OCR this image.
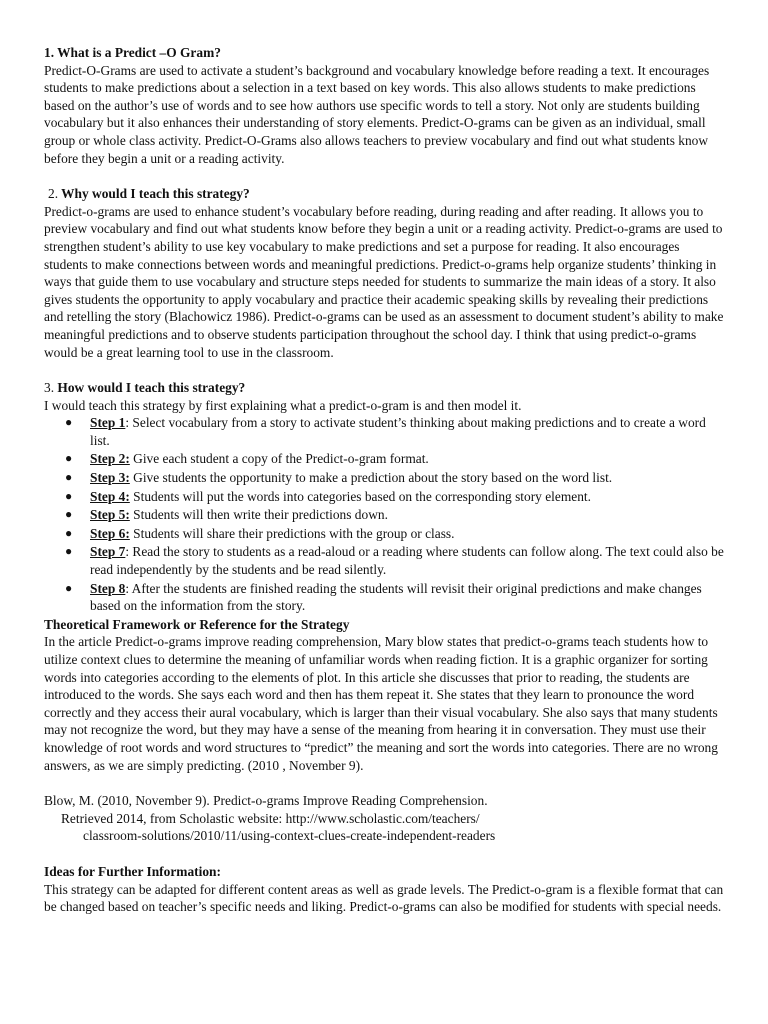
1. What is a Predict –O Gram?

Predict-O-Grams are used to activate a student’s background and vocabulary knowledge before reading a text. It encourages students to make predictions about a selection in a text based on key words. This also allows students to make predictions based on the author’s use of words and to see how authors use specific words to tell a story. Not only are students building vocabulary but it also enhances their understanding of story elements. Predict-O-grams can be given as an individual, small group or whole class activity. Predict-O-Grams also allows teachers to preview vocabulary and find out what students know before they begin a unit or a reading activity.

2. Why would I teach this strategy?

Predict-o-grams are used to enhance student’s vocabulary before reading, during reading and after reading. It allows you to preview vocabulary and find out what students know before they begin a unit or a reading activity. Predict-o-grams are used to strengthen student’s ability to use key vocabulary to make predictions and set a purpose for reading. It also encourages students to make connections between words and meaningful predictions. Predict-o-grams help organize students’ thinking in ways that guide them to use vocabulary and structure steps needed for students to summarize the main ideas of a story. It also gives students the opportunity to apply vocabulary and practice their academic speaking skills by revealing their predictions and retelling the story (Blachowicz 1986). Predict-o-grams can be used as an assessment to document student’s ability to make meaningful predictions and to observe students participation throughout the school day. I think that using predict-o-grams would be a great learning tool to use in the classroom.

3. How would I teach this strategy?

I would teach this strategy by first explaining what a predict-o-gram is and then model it.

● Step 1: Select vocabulary from a story to activate student’s thinking about making predictions and to create a word list.
● Step 2: Give each student a copy of the Predict-o-gram format.
● Step 3: Give students the opportunity to make a prediction about the story based on the word list.
● Step 4: Students will put the words into categories based on the corresponding story element.
● Step 5: Students will then write their predictions down.
● Step 6: Students will share their predictions with the group or class.
● Step 7: Read the story to students as a read-aloud or a reading where students can follow along. The text could also be read independently by the students and be read silently.
● Step 8: After the students are finished reading the students will revisit their original predictions and make changes based on the information from the story.
Theoretical Framework or Reference for the Strategy

In the article Predict-o-grams improve reading comprehension, Mary blow states that predict-o-grams teach students how to utilize context clues to determine the meaning of unfamiliar words when reading fiction. It is a graphic organizer for sorting words into categories according to the elements of plot. In this article she discusses that prior to reading, the students are introduced to the words. She says each word and then has them repeat it. She states that they learn to pronounce the word correctly and they access their aural vocabulary, which is larger than their visual vocabulary. She also says that many students may not recognize the word, but they may have a sense of the meaning from hearing it in conversation. They must use their knowledge of root words and word structures to “predict” the meaning and sort the words into categories. There are no wrong answers, as we are simply predicting. (2010 , November 9).

Blow, M. (2010, November 9). Predict-o-grams Improve Reading Comprehension.

Retrieved 2014, from Scholastic website: http://www.scholastic.com/teachers/

classroom-solutions/2010/11/using-context-clues-create-independent-readers

Ideas for Further Information:

This strategy can be adapted for different content areas as well as grade levels. The Predict-o-gram is a flexible format that can be changed based on teacher’s specific needs and liking. Predict-o-grams can also be modified for students with special needs.
